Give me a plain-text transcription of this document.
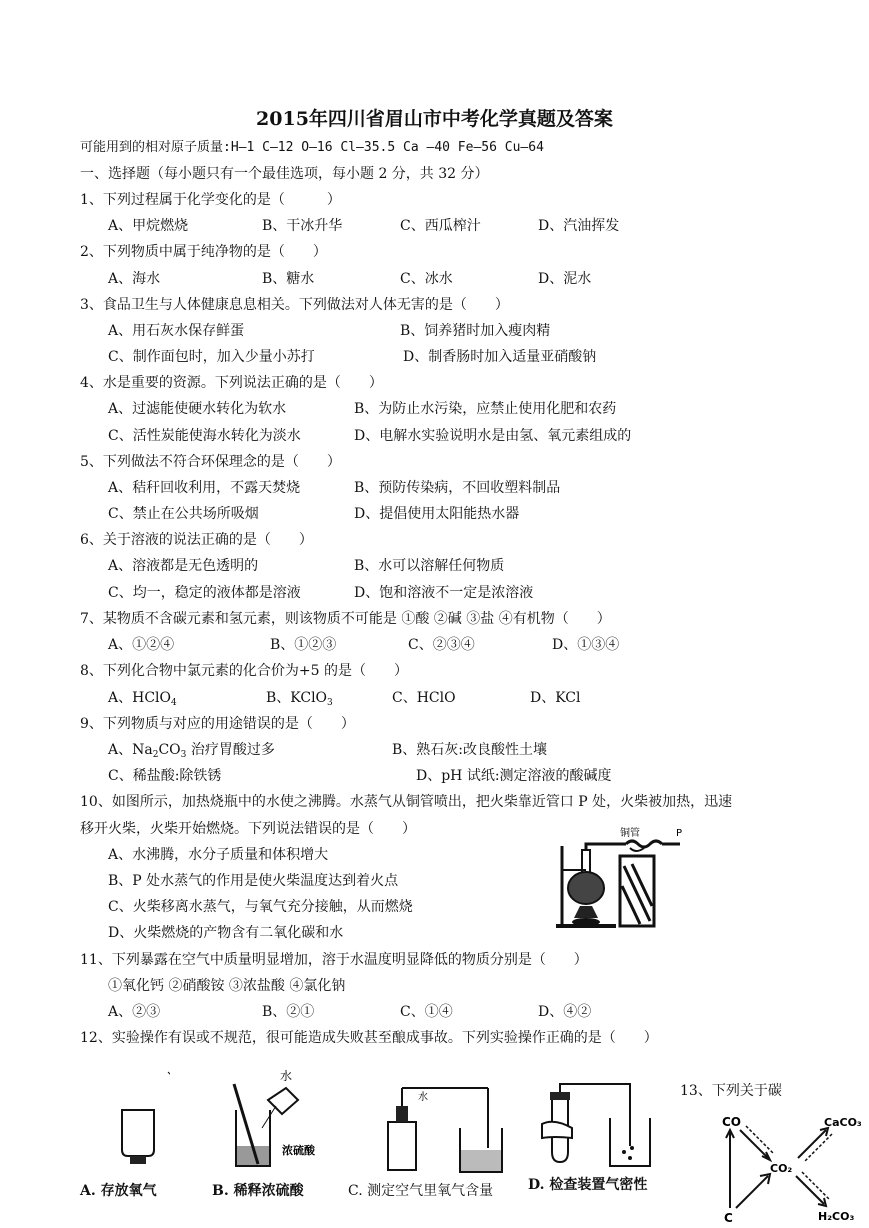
2015年四川省眉山市中考化学真题及答案
可能用到的相对原子质量:H—1 C—12 O—16 Cl—35.5 Ca —40 Fe—56 Cu—64
一、选择题（每小题只有一个最佳选项，每小题 2 分，共 32 分）
1、下列过程属于化学变化的是（　　　）
A、甲烷燃烧	B、干冰升华	C、西瓜榨汁	D、汽油挥发
2、下列物质中属于纯净物的是（　　）
A、海水	B、糖水	C、冰水	D、泥水
3、食品卫生与人体健康息息相关。下列做法对人体无害的是（　　）
A、用石灰水保存鲜蛋	B、饲养猪时加入瘦肉精
C、制作面包时，加入少量小苏打	D、制香肠时加入适量亚硝酸钠
4、水是重要的资源。下列说法正确的是（　　）
A、过滤能使硬水转化为软水	B、为防止水污染，应禁止使用化肥和农药
C、活性炭能使海水转化为淡水	D、电解水实验说明水是由氢、氧元素组成的
5、下列做法不符合环保理念的是（　　）
A、秸秆回收利用，不露天焚烧	B、预防传染病，不回收塑料制品
C、禁止在公共场所吸烟	D、提倡使用太阳能热水器
6、关于溶液的说法正确的是（　　）
A、溶液都是无色透明的	B、水可以溶解任何物质
C、均一，稳定的液体都是溶液	D、饱和溶液不一定是浓溶液
7、某物质不含碳元素和氢元素，则该物质不可能是 ①酸 ②碱 ③盐 ④有机物（　　）
A、①②④	B、①②③	C、②③④	D、①③④
8、下列化合物中氯元素的化合价为+5 的是（　　）
A、HClO$_4$	B、KClO$_3$	C、HClO	D、KCl
9、下列物质与对应的用途错误的是（　　）
A、$Na_2CO_3$ 治疗胃酸过多	B、熟石灰:改良酸性土壤
C、稀盐酸:除铁锈	D、pH 试纸:测定溶液的酸碱度
10、如图所示，加热烧瓶中的水使之沸腾。水蒸气从铜管喷出，把火柴靠近管口 P 处，火柴被加热，迅速
移开火柴，火柴开始燃烧。下列说法错误的是（　　）
A、水沸腾，水分子质量和体积增大
B、P 处水蒸气的作用是使火柴温度达到着火点
C、火柴移离水蒸气，与氧气充分接触，从而燃烧
D、火柴燃烧的产物含有二氧化碳和水
铜管	P
11、下列暴露在空气中质量明显增加，溶于水温度明显降低的物质分别是（　　）
①氧化钙 ②硝酸铵 ③浓盐酸 ④氯化钠
A、②③	B、②①	C、①④	D、④②
12、实验操作有误或不规范，很可能造成失败甚至酿成事故。下列实验操作正确的是（　　）
水
浓硫酸
水
A. 存放氧气	B. 稀释浓硫酸	C. 测定空气里氧气含量 D. 检查装置气密性
13、下列关于碳
CO	CaCO₃
CO₂
C	H₂CO₃
